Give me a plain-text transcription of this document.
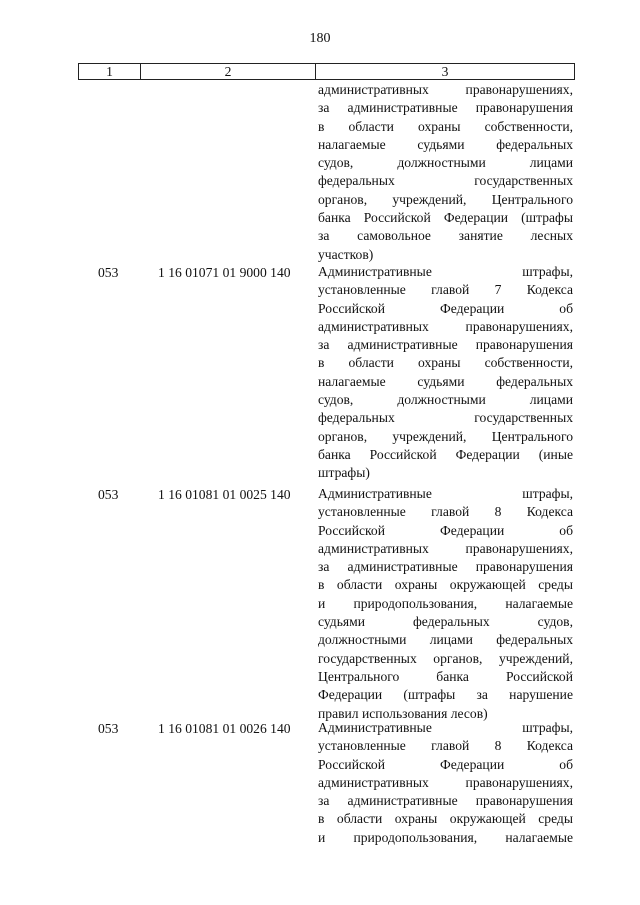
180
1	2	3
административных правонарушениях,
за административные правонарушения
в области охраны собственности,
налагаемые судьями федеральных
судов, должностными лицами
федеральных государственных
органов, учреждений, Центрального
банка Российской Федерации (штрафы
за самовольное занятие лесных
участков)
053	1 16 01071 01 9000 140 Административные штрафы,
установленные главой 7 Кодекса
Российской Федерации об
административных правонарушениях,
за административные правонарушения
в области охраны собственности,
налагаемые судьями федеральных
судов, должностными лицами
федеральных государственных
органов, учреждений, Центрального
банка Российской Федерации (иные
штрафы)
053	1 16 01081 01 0025 140 Административные штрафы,
установленные главой 8 Кодекса
Российской Федерации об
административных правонарушениях,
за административные правонарушения
в области охраны окружающей среды
и природопользования, налагаемые
судьями федеральных судов,
должностными лицами федеральных
государственных органов, учреждений,
Центрального банка Российской
Федерации (штрафы за нарушение
правил использования лесов)
053	1 16 01081 01 0026 140 Административные штрафы,
установленные главой 8 Кодекса
Российской Федерации об
административных правонарушениях,
за административные правонарушения
в области охраны окружающей среды
и природопользования, налагаемые
